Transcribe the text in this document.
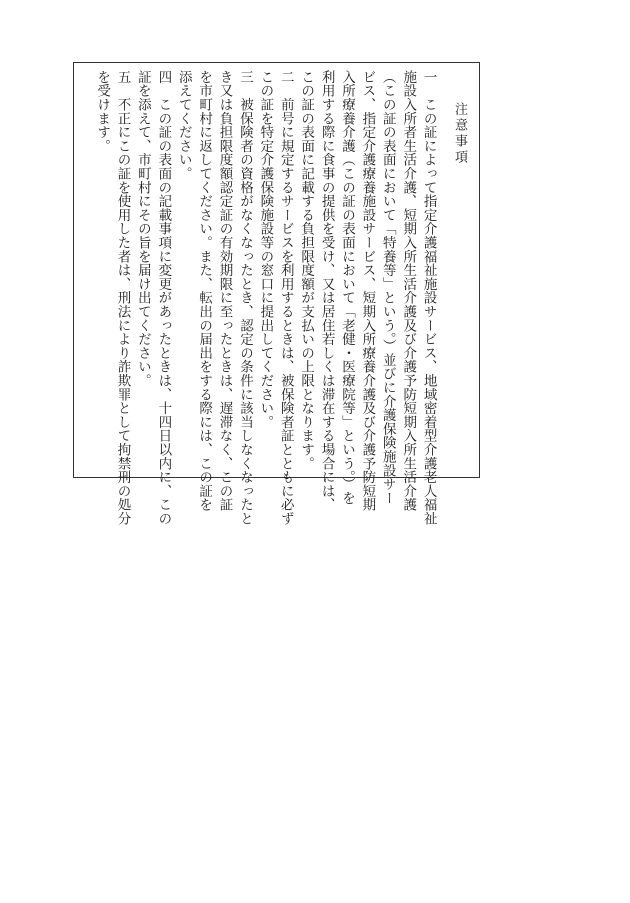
注意事項
一　この証によって指定介護福祉施設サービス、地域密着型介護老人福祉
施設入所者生活介護、短期入所生活介護及び介護予防短期入所生活介護
（この証の表面において「特養等」という。）並びに介護保険施設サー
ビス、指定介護療養施設サービス、短期入所療養介護及び介護予防短期
入所療養介護（この証の表面において「老健・医療院等」という。）を
利用する際に食事の提供を受け、又は居住若しくは滞在する場合には、
この証の表面に記載する負担限度額が支払いの上限となります。
二　前号に規定するサービスを利用するときは、被保険者証とともに必ず
この証を特定介護保険施設等の窓口に提出してください。
三　被保険者の資格がなくなったとき、認定の条件に該当しなくなったと
き又は負担限度額認定証の有効期限に至ったときは、遅滞なく、この証
を市町村に返してください。また、転出の届出をする際には、この証を
添えてください。
四　この証の表面の記載事項に変更があったときは、十四日以内に、この
証を添えて、市町村にその旨を届け出てください。
五　不正にこの証を使用した者は、刑法により詐欺罪として拘禁刑の処分
を受けます。
